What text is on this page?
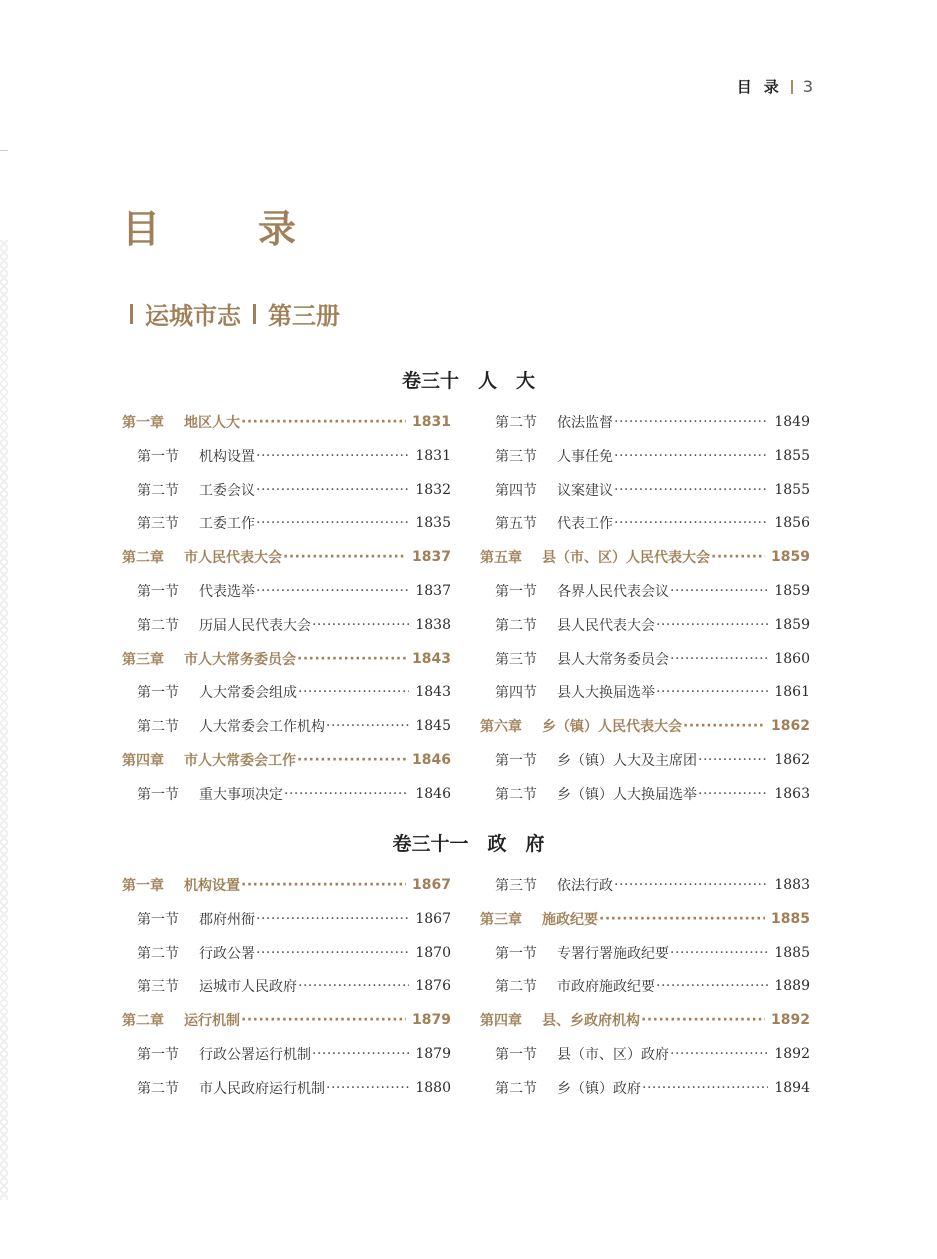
目录 3
目　录
运城市志 第三册
卷三十　人　大
第一章	地区人大 ·····	1831
第一节	机构设置 ·····	1831
第二节	工委会议 ·····	1832
第三节	工委工作 ·····	1835
第二章	市人民代表大会 ·····	1837
第一节	代表选举 ·····	1837
第二节	历届人民代表大会 ·····	1838
第三章	市人大常务委员会 ·····	1843
第一节	人大常委会组成 ·····	1843
第二节	人大常委会工作机构 ·····	1845
第四章	市人大常委会工作 ·····	1846
第一节	重大事项决定 ·····	1846
第二节	依法监督 ·····	1849
第三节	人事任免 ·····	1855
第四节	议案建议 ·····	1855
第五节	代表工作 ·····	1856
第五章	县（市、区）人民代表大会 ·····	1859
第一节	各界人民代表会议 ·····	1859
第二节	县人民代表大会 ·····	1859
第三节	县人大常务委员会 ·····	1860
第四节	县人大换届选举 ·····	1861
第六章	乡（镇）人民代表大会 ·····	1862
第一节	乡（镇）人大及主席团 ·····	1862
第二节	乡（镇）人大换届选举 ·····	1863
卷三十一　政　府
第一章	机构设置 ·····	1867
第一节	郡府州衙 ·····	1867
第二节	行政公署 ·····	1870
第三节	运城市人民政府 ·····	1876
第二章	运行机制 ·····	1879
第一节	行政公署运行机制 ·····	1879
第二节	市人民政府运行机制 ·····	1880
第三节	依法行政 ·····	1883
第三章	施政纪要 ·····	1885
第一节	专署行署施政纪要 ·····	1885
第二节	市政府施政纪要 ·····	1889
第四章	县、乡政府机构 ·····	1892
第一节	县（市、区）政府 ·····	1892
第二节	乡（镇）政府 ·····	1894
